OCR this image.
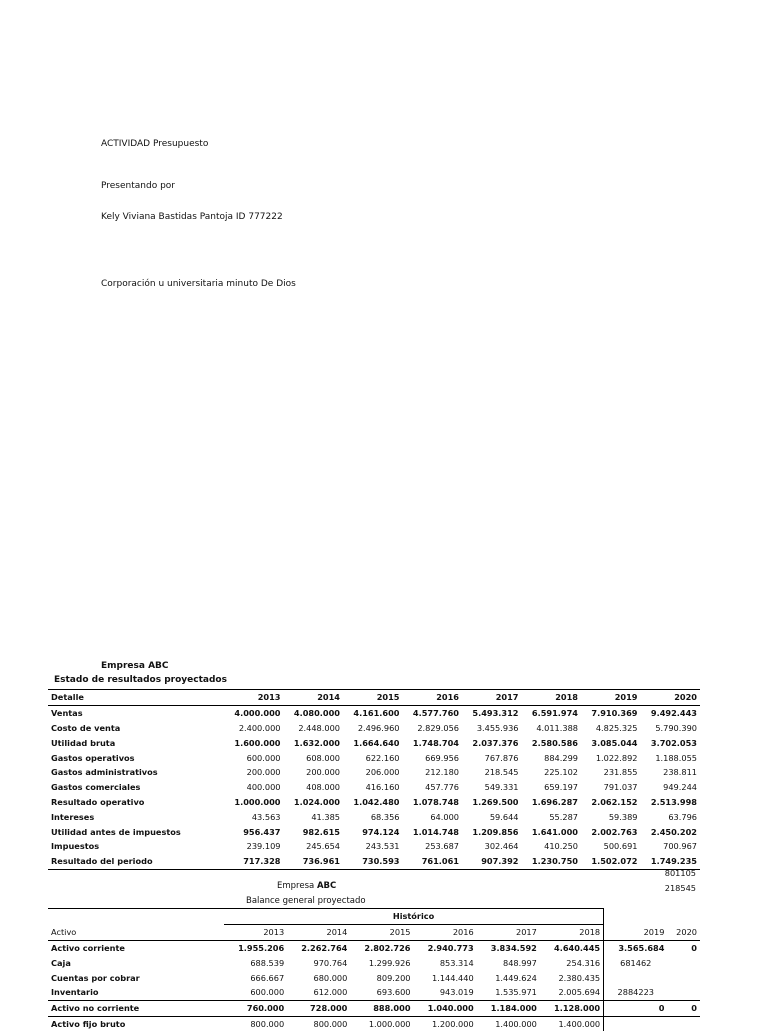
ACTIVIDAD Presupuesto
Presentando por
Kely Viviana Bastidas Pantoja ID 777222
Corporación u universitaria minuto De Dios
Empresa ABC
Estado de resultados proyectados
Detalle	2013	2014	2015	2016	2017	2018	2019	2020
Ventas	4.000.000	4.080.000	4.161.600	4.577.760	5.493.312	6.591.974	7.910.369	9.492.443
Costo de venta	2.400.000	2.448.000	2.496.960	2.829.056	3.455.936	4.011.388	4.825.325	5.790.390
Utilidad bruta	1.600.000	1.632.000	1.664.640	1.748.704	2.037.376	2.580.586	3.085.044	3.702.053
Gastos operativos	600.000	608.000	622.160	669.956	767.876	884.299	1.022.892	1.188.055
Gastos administrativos	200.000	200.000	206.000	212.180	218.545	225.102	231.855	238.811
Gastos comerciales	400.000	408.000	416.160	457.776	549.331	659.197	791.037	949.244
Resultado operativo	1.000.000	1.024.000	1.042.480	1.078.748	1.269.500	1.696.287	2.062.152	2.513.998
Intereses	43.563	41.385	68.356	64.000	59.644	55.287	59.389	63.796
Utilidad antes de impuestos	956.437	982.615	974.124	1.014.748	1.209.856	1.641.000	2.002.763	2.450.202
Impuestos	239.109	245.654	243.531	253.687	302.464	410.250	500.691	700.967
Resultado del periodo	717.328	736.961	730.593	761.061	907.392	1.230.750	1.502.072	1.749.235
Empresa ABC
Balance general proyectado
801105
218545
	Histórico							
Activo	2013	2014	2015	2016	2017	2018	2019	2020
Activo corriente	1.955.206	2.262.764	2.802.726	2.940.773	3.834.592	4.640.445	3.565.684	0
Caja	688.539	970.764	1.299.926	853.314	848.997	254.316	681462	
Cuentas por cobrar	666.667	680.000	809.200	1.144.440	1.449.624	2.380.435		
Inventario	600.000	612.000	693.600	943.019	1.535.971	2.005.694	2884223	
Activo no corriente	760.000	728.000	888.000	1.040.000	1.184.000	1.128.000	0	0
Activo fijo bruto	800.000	800.000	1.000.000	1.200.000	1.400.000	1.400.000		
